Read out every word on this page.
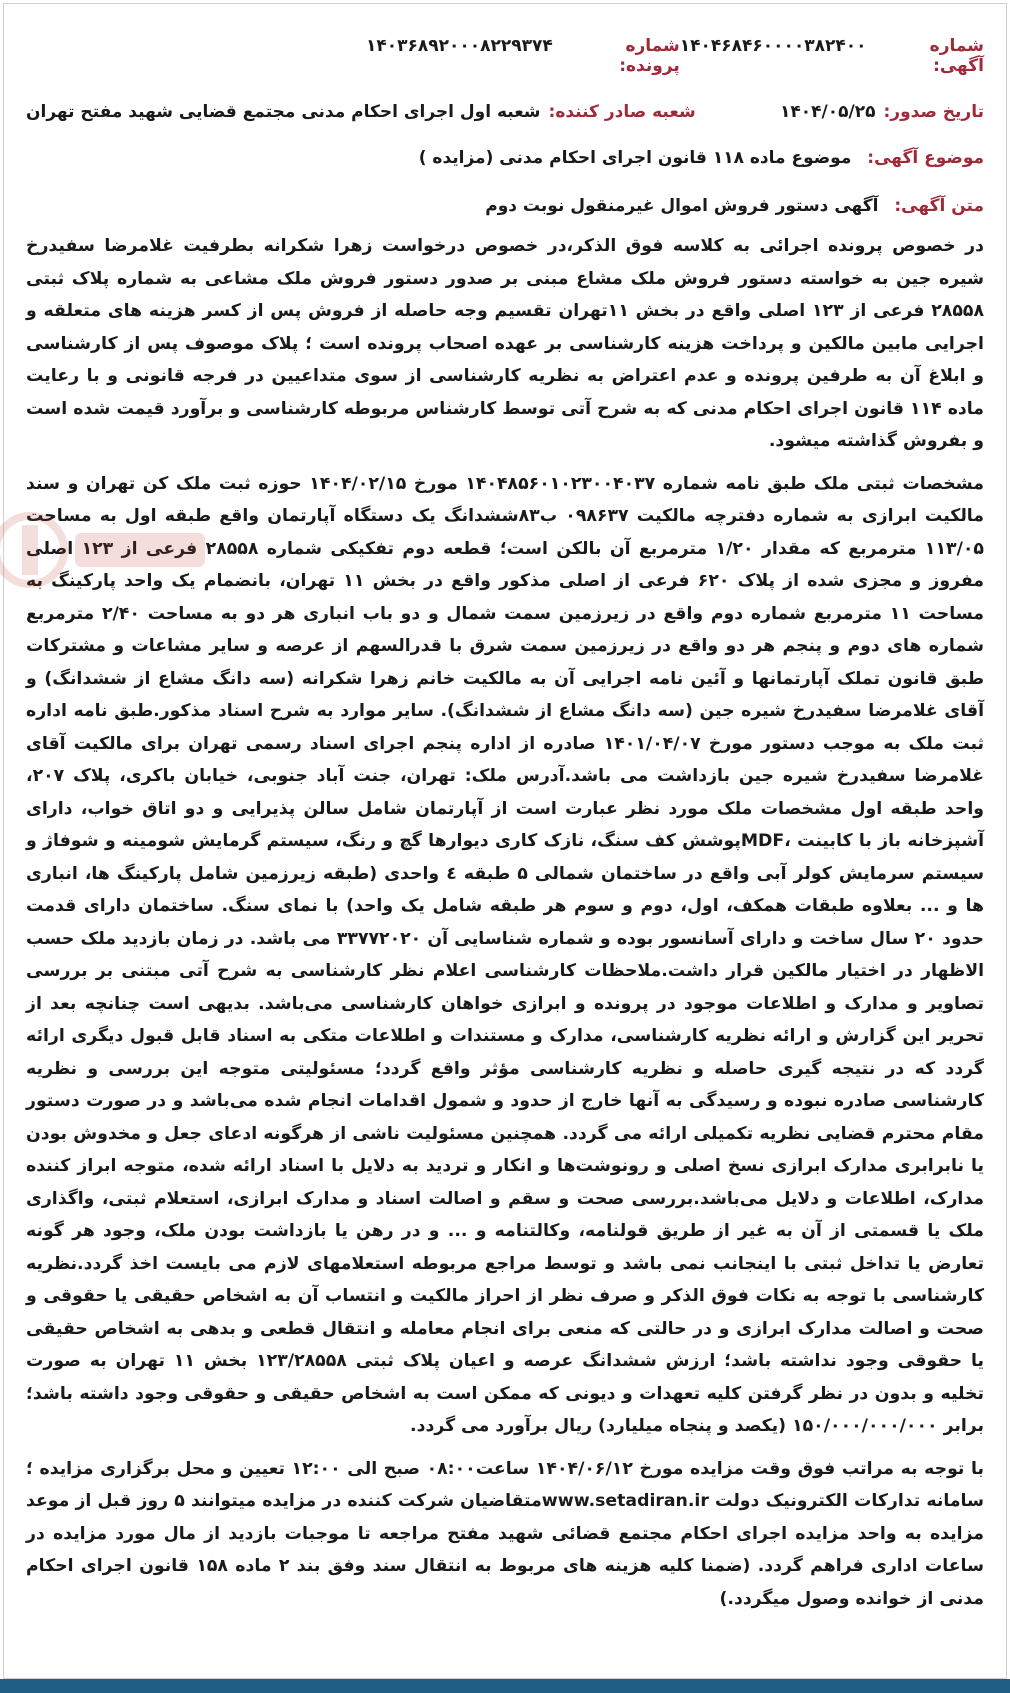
شماره آگهی:
۱۴۰۴۶۸۴۶۰۰۰۰۳۸۲۴۰۰
شماره پرونده:
۱۴۰۳۶۸۹۲۰۰۰۸۲۲۹۳۷۴
تاریخ صدور:
۱۴۰۴/۰۵/۲۵
شعبه صادر کننده:
شعبه اول اجرای احکام مدنی مجتمع قضایی شهید مفتح تهران
موضوع آگهی: موضوع ماده ۱۱۸ قانون اجرای احکام مدنی (مزایده )
متن آگهی: آگهی دستور فروش اموال غیرمنقول نوبت دوم

در خصوص پرونده اجرائی به کلاسه فوق الذکر،در خصوص درخواست زهرا شکرانه بطرفیت غلامرضا سفیدرخ شیره جین به خواسته دستور فروش ملک مشاع مبنی بر صدور دستور فروش ملک مشاعی به شماره پلاک ثبتی ۲۸۵۵۸ فرعی از ۱۲۳ اصلی واقع در بخش ۱۱تهران تقسیم وجه حاصله از فروش پس از کسر هزینه های متعلقه و اجرایی مابین مالکین و پرداخت هزینه کارشناسی بر عهده اصحاب پرونده است ؛ پلاک موصوف پس از کارشناسی و ابلاغ آن به طرفین پرونده و عدم اعتراض به نظریه کارشناسی از سوی متداعیین در فرجه قانونی و با رعایت ماده ۱۱۴ قانون اجرای احکام مدنی که به شرح آتی توسط کارشناس مربوطه کارشناسی و برآورد قیمت شده است و بفروش گذاشته میشود.

مشخصات ثبتی ملک طبق نامه شماره ۱۴۰۴۸۵۶۰۱۰۲۳۰۰۴۰۳۷ مورخ ۱۴۰۴/۰۲/۱۵ حوزه ثبت ملک کن تهران و سند مالکیت ابرازی به شماره دفترچه مالکیت ۰۹۸۶۳۷ ب۸۳ششدانگ یک دستگاه آپارتمان واقع طبقه اول به مساحت ۱۱۳/۰۵ مترمربع که مقدار ۱/۲۰ مترمربع آن بالکن است؛ قطعه دوم تفکیکی شماره ۲۸۵۵۸ فرعی از ۱۲۳ اصلی مفروز و مجزی شده از پلاک ۶۲۰ فرعی از اصلی مذکور واقع در بخش ۱۱ تهران، بانضمام یک واحد پارکینگ به مساحت ۱۱ مترمربع شماره دوم واقع در زیرزمین سمت شمال و دو باب انباری هر دو به مساحت ۲/۴۰ مترمربع شماره های دوم و پنجم هر دو واقع در زیرزمین سمت شرق با قدرالسهم از عرصه و سایر مشاعات و مشترکات طبق قانون تملک آپارتمانها و آئین نامه اجرایی آن به مالکیت خانم زهرا شکرانه (سه دانگ مشاع از ششدانگ) و آقای غلامرضا سفیدرخ شیره جین (سه دانگ مشاع از ششدانگ). سایر موارد به شرح اسناد مذکور.طبق نامه اداره ثبت ملک به موجب دستور مورخ ۱۴۰۱/۰۴/۰۷ صادره از اداره پنجم اجرای اسناد رسمی تهران برای مالکیت آقای غلامرضا سفیدرخ شیره جین بازداشت می باشد.آدرس ملک: تهران، جنت آباد جنوبی، خیابان باکری، پلاک ۲۰۷، واحد طبقه اول مشخصات ملک مورد نظر عبارت است از آپارتمان شامل سالن پذیرایی و دو اتاق خواب، دارای آشپزخانه باز با کابینت ،MDFپوشش کف سنگ، نازک کاری دیوارها گچ و رنگ، سیستم گرمایش شومینه و شوفاژ و سیستم سرمایش کولر آبی واقع در ساختمان شمالی ۵ طبقه ٤ واحدی (طبقه زیرزمین شامل پارکینگ ها، انباری ها و ... بعلاوه طبقات همکف، اول، دوم و سوم هر طبقه شامل یک واحد) با نمای سنگ. ساختمان دارای قدمت حدود ۲۰ سال ساخت و دارای آسانسور بوده و شماره شناسایی آن ۳۳۷۷۲۰۲۰ می باشد. در زمان بازدید ملک حسب الاظهار در اختیار مالکین قرار داشت.ملاحظات کارشناسی اعلام نظر کارشناسی به شرح آتی مبتنی بر بررسی تصاویر و مدارک و اطلاعات موجود در پرونده و ابرازی خواهان کارشناسی می‌باشد. بدیهی است چنانچه بعد از تحریر این گزارش و ارائه نظریه کارشناسی، مدارک و مستندات و اطلاعات متکی به اسناد قابل قبول دیگری ارائه گردد که در نتیجه گیری حاصله و نظریه کارشناسی مؤثر واقع گردد؛ مسئولیتی متوجه این بررسی و نظریه کارشناسی صادره نبوده و رسیدگی به آنها خارج از حدود و شمول اقدامات انجام شده می‌باشد و در صورت دستور مقام محترم قضایی نظریه تکمیلی ارائه می گردد. همچنین مسئولیت ناشی از هرگونه ادعای جعل و مخدوش بودن یا نابرابری مدارک ابرازی نسخ اصلی و رونوشت‌ها و انکار و تردید به دلایل با اسناد ارائه شده، متوجه ابراز کننده مدارک، اطلاعات و دلایل می‌باشد.بررسی صحت و سقم و اصالت اسناد و مدارک ابرازی، استعلام ثبتی، واگذاری ملک یا قسمتی از آن به غیر از طریق قولنامه، وکالتنامه و ... و در رهن یا بازداشت بودن ملک، وجود هر گونه تعارض یا تداخل ثبتی با اینجانب نمی باشد و توسط مراجع مربوطه استعلامهای لازم می بایست اخذ گردد.نظریه کارشناسی با توجه به نکات فوق الذکر و صرف نظر از احراز مالکیت و انتساب آن به اشخاص حقیقی یا حقوقی و صحت و اصالت مدارک ابرازی و در حالتی که منعی برای انجام معامله و انتقال قطعی و بدهی به اشخاص حقیقی یا حقوقی وجود نداشته باشد؛ ارزش ششدانگ عرصه و اعیان پلاک ثبتی ۱۲۳/۲۸۵۵۸ بخش ۱۱ تهران به صورت تخلیه و بدون در نظر گرفتن کلیه تعهدات و دیونی که ممکن است به اشخاص حقیقی و حقوقی وجود داشته باشد؛ برابر ۱۵۰/۰۰۰/۰۰۰/۰۰۰ (یکصد و پنجاه میلیارد) ریال برآورد می گردد.

با توجه به مراتب فوق وقت مزایده مورخ ۱۴۰۴/۰۶/۱۲ ساعت۰۸:۰۰ صبح الی ۱۲:۰۰ تعیین و محل برگزاری مزایده ؛سامانه تدارکات الکترونیک دولت www.setadiran.irمتقاضیان شرکت کننده در مزایده میتوانند ۵ روز قبل از موعد مزایده به واحد مزایده اجرای احکام مجتمع قضائی شهید مفتح مراجعه تا موجبات بازدید از مال مورد مزایده در ساعات اداری فراهم گردد. (ضمنا کلیه هزینه های مربوط به انتقال سند وفق بند ۲ ماده ۱۵۸ قانون اجرای احکام مدنی از خوانده وصول میگردد.)
